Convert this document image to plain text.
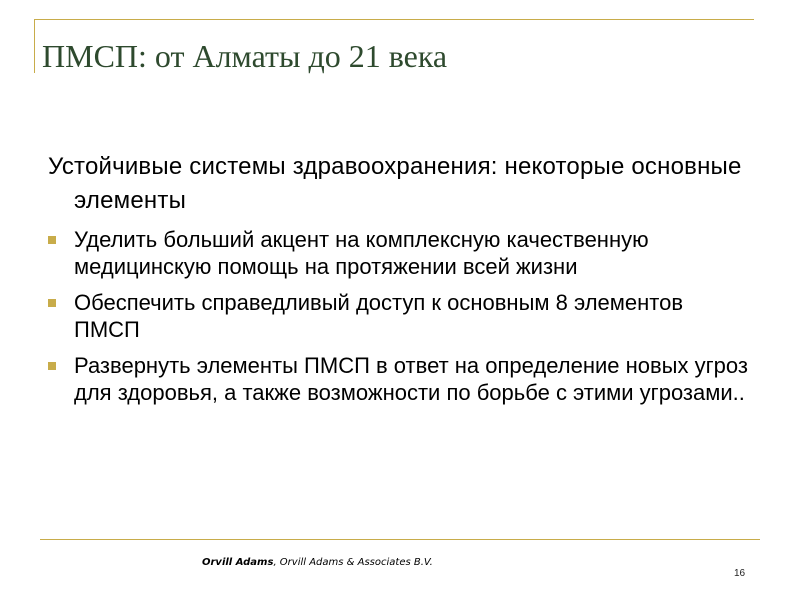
ПМСП: от Алматы до 21 века

Устойчивые системы здравоохранения: некоторые основные элементы

Уделить больший акцент на комплексную качественную медицинскую помощь на протяжении всей жизни
Обеспечить справедливый доступ к основным 8 элементов ПМСП
Развернуть элементы ПМСП в ответ на определение новых угроз для здоровья, а также возможности по борьбе с этими угрозами..
Orvill Adams, Orvill Adams & Associates B.V.
16
